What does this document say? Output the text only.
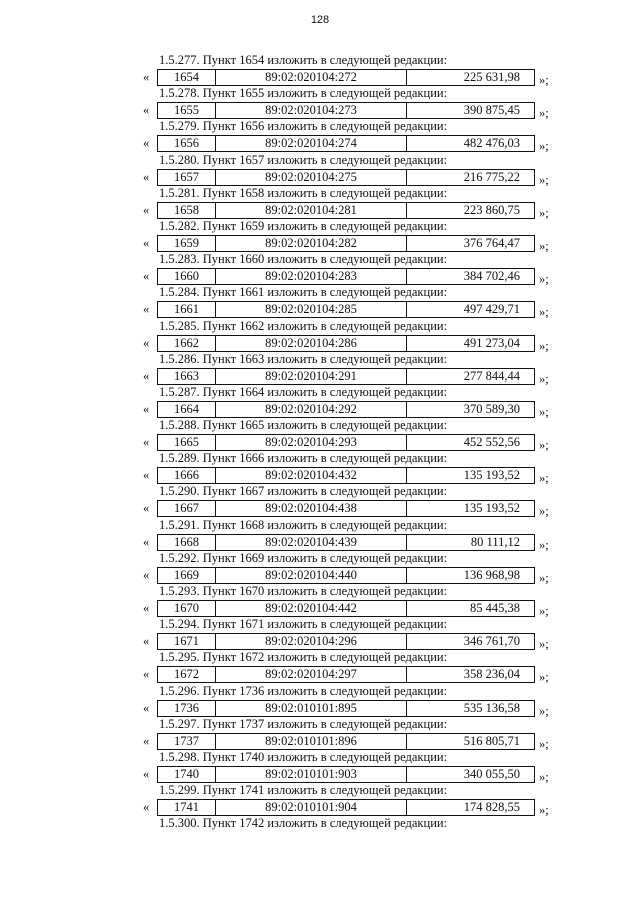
128
1.5.277. Пункт 1654 изложить в следующей редакции:
«	1654	89:02:020104:272	225 631,98	»;
1.5.278. Пункт 1655 изложить в следующей редакции:
«	1655	89:02:020104:273	390 875,45	»;
1.5.279. Пункт 1656 изложить в следующей редакции:
«	1656	89:02:020104:274	482 476,03	»;
1.5.280. Пункт 1657 изложить в следующей редакции:
«	1657	89:02:020104:275	216 775,22	»;
1.5.281. Пункт 1658 изложить в следующей редакции:
«	1658	89:02:020104:281	223 860,75	»;
1.5.282. Пункт 1659 изложить в следующей редакции:
«	1659	89:02:020104:282	376 764,47	»;
1.5.283. Пункт 1660 изложить в следующей редакции:
«	1660	89:02:020104:283	384 702,46	»;
1.5.284. Пункт 1661 изложить в следующей редакции:
«	1661	89:02:020104:285	497 429,71	»;
1.5.285. Пункт 1662 изложить в следующей редакции:
«	1662	89:02:020104:286	491 273,04	»;
1.5.286. Пункт 1663 изложить в следующей редакции:
«	1663	89:02:020104:291	277 844,44	»;
1.5.287. Пункт 1664 изложить в следующей редакции:
«	1664	89:02:020104:292	370 589,30	»;
1.5.288. Пункт 1665 изложить в следующей редакции:
«	1665	89:02:020104:293	452 552,56	»;
1.5.289. Пункт 1666 изложить в следующей редакции:
«	1666	89:02:020104:432	135 193,52	»;
1.5.290. Пункт 1667 изложить в следующей редакции:
«	1667	89:02:020104:438	135 193,52	»;
1.5.291. Пункт 1668 изложить в следующей редакции:
«	1668	89:02:020104:439	80 111,12	»;
1.5.292. Пункт 1669 изложить в следующей редакции:
«	1669	89:02:020104:440	136 968,98	»;
1.5.293. Пункт 1670 изложить в следующей редакции:
«	1670	89:02:020104:442	85 445,38	»;
1.5.294. Пункт 1671 изложить в следующей редакции:
«	1671	89:02:020104:296	346 761,70	»;
1.5.295. Пункт 1672 изложить в следующей редакции:
«	1672	89:02:020104:297	358 236,04	»;
1.5.296. Пункт 1736 изложить в следующей редакции:
«	1736	89:02:010101:895	535 136,58	»;
1.5.297. Пункт 1737 изложить в следующей редакции:
«	1737	89:02:010101:896	516 805,71	»;
1.5.298. Пункт 1740 изложить в следующей редакции:
«	1740	89:02:010101:903	340 055,50	»;
1.5.299. Пункт 1741 изложить в следующей редакции:
«	1741	89:02:010101:904	174 828,55	»;
1.5.300. Пункт 1742 изложить в следующей редакции:
